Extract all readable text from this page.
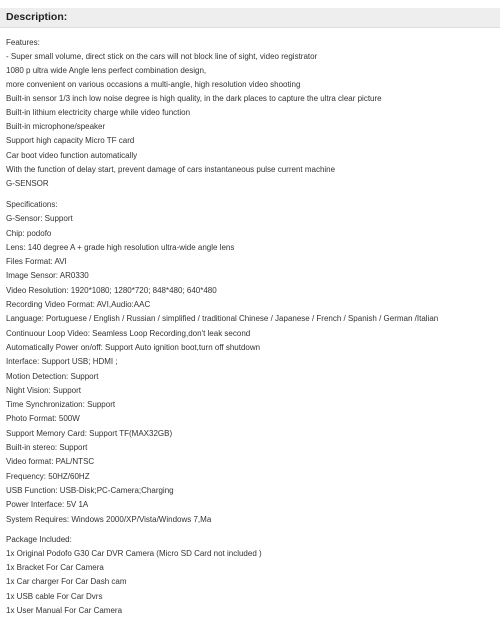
Description:
Features:
- Super small volume, direct stick on the cars will not block line of sight, video registrator
1080 p ultra wide Angle lens perfect combination design,
more convenient on various occasions a multi-angle, high resolution video shooting
Built-in sensor 1/3 inch low noise degree is high quality, in the dark places to capture the ultra clear picture
Built-in lithium electricity charge while video function
Built-in microphone/speaker
Support high capacity Micro TF card
Car boot video function automatically
With the function of delay start, prevent damage of cars instantaneous pulse current machine
G-SENSOR
Specifications:
G-Sensor: Support
Chip: podofo
Lens: 140 degree A + grade high resolution ultra-wide angle lens
Files Format: AVI
Image Sensor: AR0330
Video Resolution: 1920*1080; 1280*720; 848*480; 640*480
Recording Video Format: AVI,Audio:AAC
Language: Portuguese / English / Russian / simplified / traditional Chinese / Japanese / French / Spanish / German /Italian
Continuour Loop Video: Seamless Loop Recording,don't leak second
Automatically Power on/off: Support Auto ignition boot,turn off shutdown
Interface: Support USB; HDMI ;
Motion Detection: Support
Night Vision: Support
Time Synchronization: Support
Photo Format: 500W
Support Memory Card: Support TF(MAX32GB)
Built-in stereo: Support
Video format: PAL/NTSC
Frequency: 50HZ/60HZ
USB Function: USB-Disk;PC-Camera;Charging
Power Interface: 5V 1A
System Requires: Windows 2000/XP/Vista/Windows 7,Ma
Package Included:
1x Original Podofo G30 Car DVR Camera (Micro SD Card not included )
1x Bracket For Car Camera
1x Car charger For Car Dash cam
1x USB cable For Car Dvrs
1x User Manual For Car Camera
